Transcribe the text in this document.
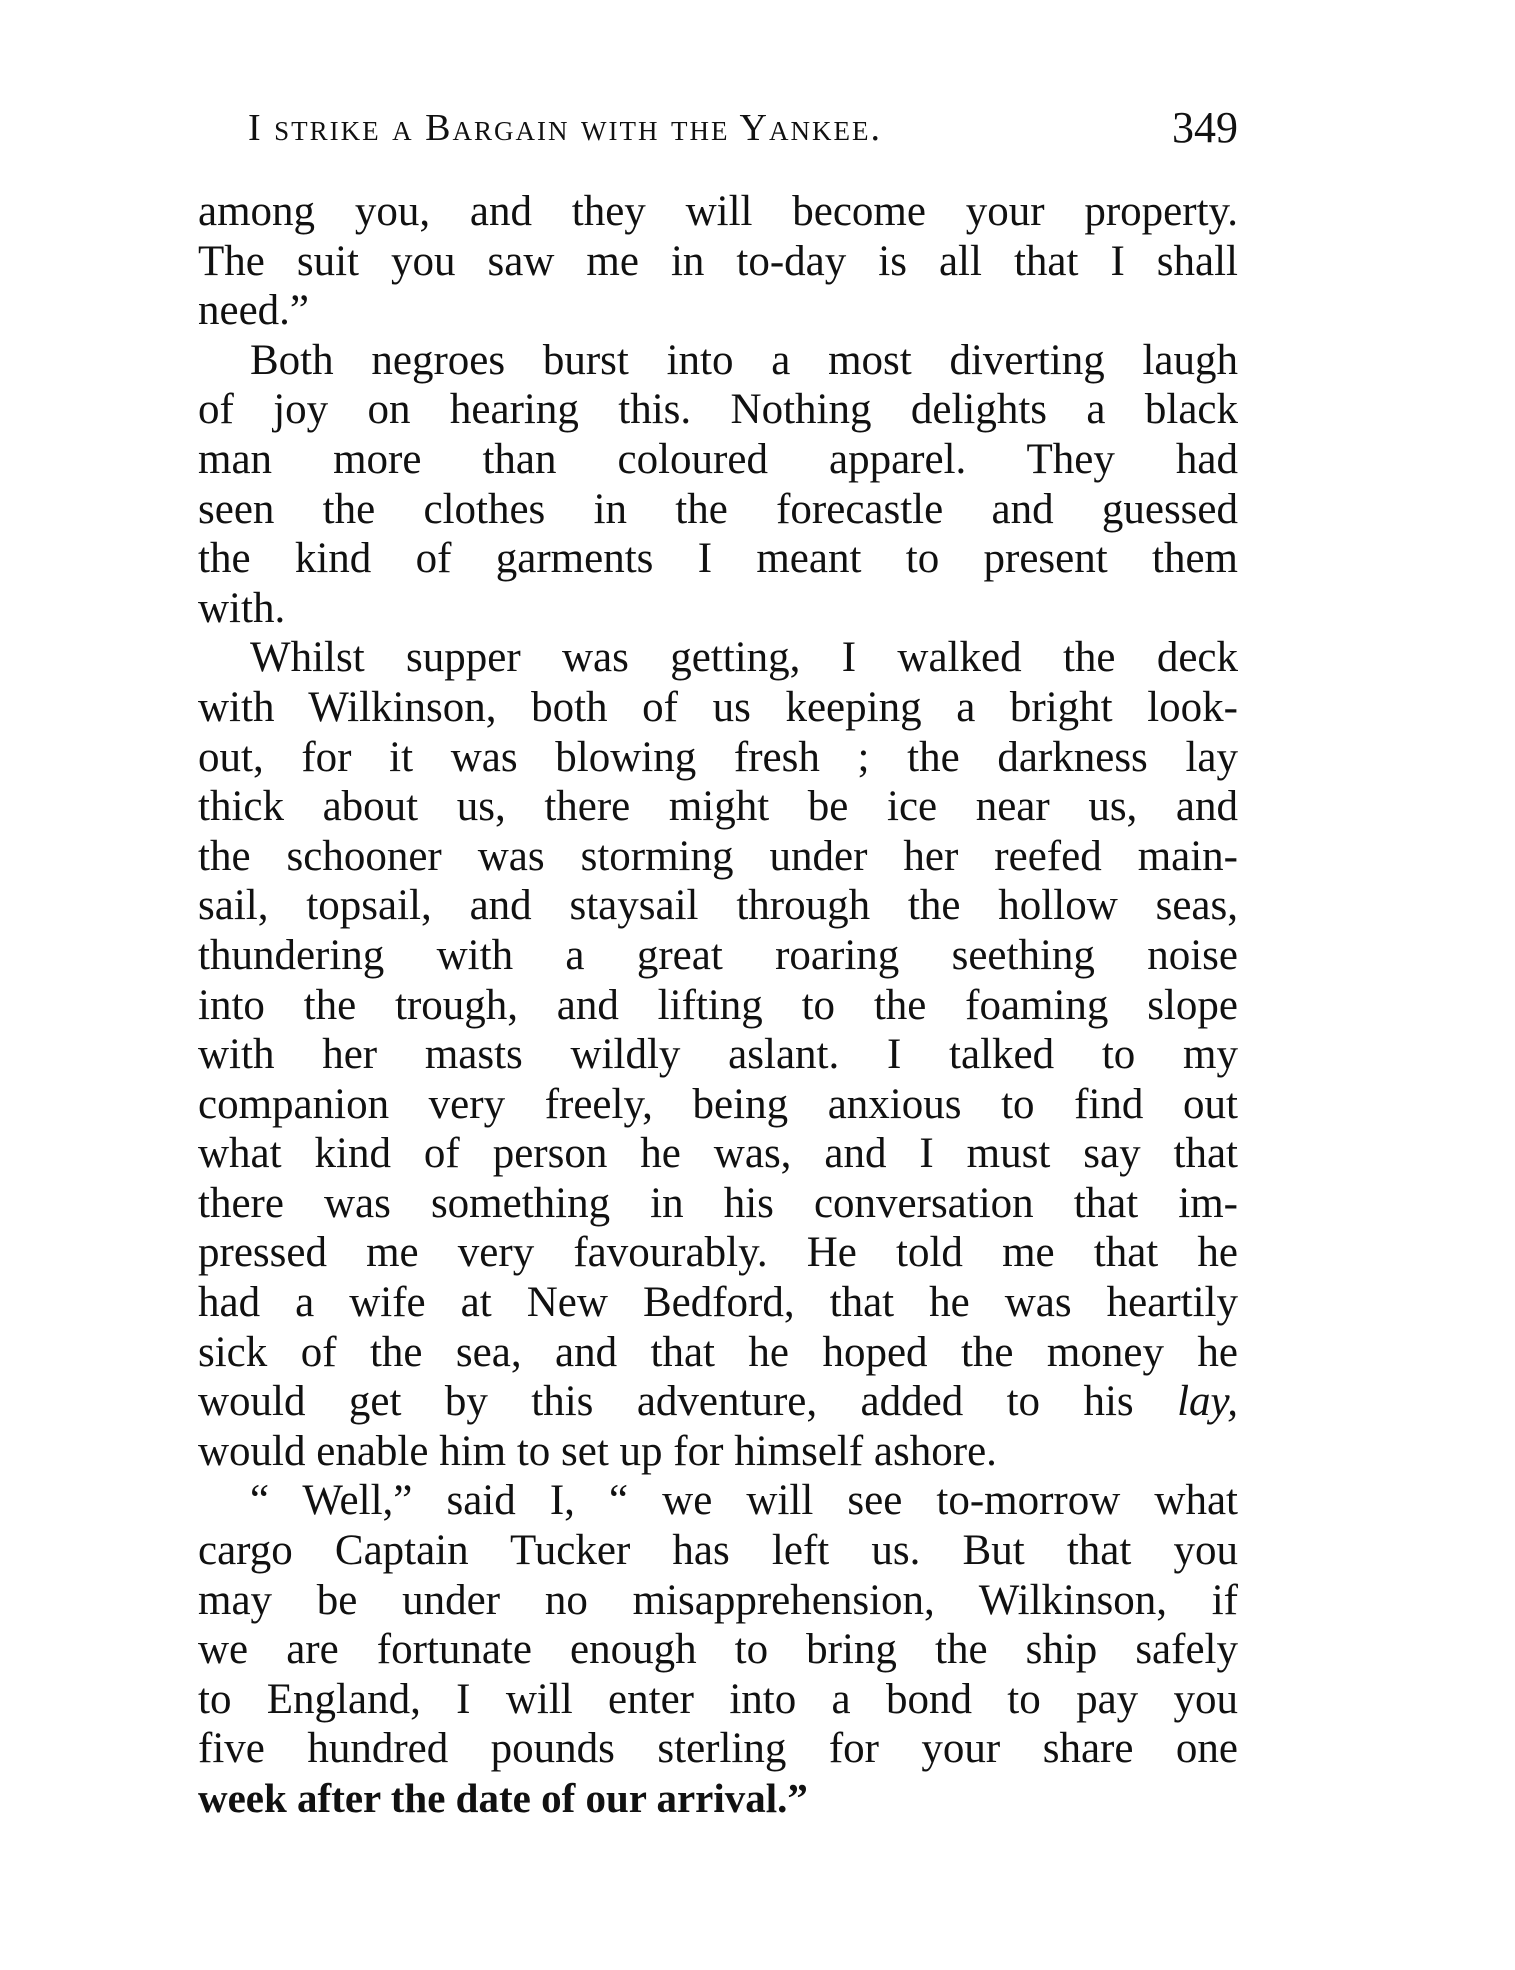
I strike a Bargain with the Yankee.	349
among you, and they will become your property.
The suit you saw me in to-day is all that I shall
need.”
Both negroes burst into a most diverting laugh
of joy on hearing this. Nothing delights a black
man more than coloured apparel. They had
seen the clothes in the forecastle and guessed
the kind of garments I meant to present them
with.
Whilst supper was getting, I walked the deck
with Wilkinson, both of us keeping a bright look-
out, for it was blowing fresh ; the darkness lay
thick about us, there might be ice near us, and
the schooner was storming under her reefed main-
sail, topsail, and staysail through the hollow seas,
thundering with a great roaring seething noise
into the trough, and lifting to the foaming slope
with her masts wildly aslant. I talked to my
companion very freely, being anxious to find out
what kind of person he was, and I must say that
there was something in his conversation that im-
pressed me very favourably. He told me that he
had a wife at New Bedford, that he was heartily
sick of the sea, and that he hoped the money he
would get by this adventure, added to his lay,
would enable him to set up for himself ashore.
“ Well,” said I, “ we will see to-morrow what
cargo Captain Tucker has left us. But that you
may be under no misapprehension, Wilkinson, if
we are fortunate enough to bring the ship safely
to England, I will enter into a bond to pay you
five hundred pounds sterling for your share one
week after the date of our arrival.”
